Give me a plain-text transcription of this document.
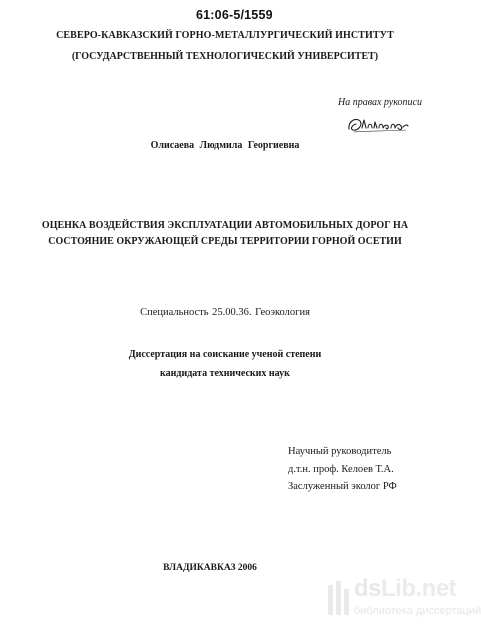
61:06-5/1559
СЕВЕРО-КАВКАЗСКИЙ ГОРНО-МЕТАЛЛУРГИЧЕСКИЙ ИНСТИТУТ
(ГОСУДАРСТВЕННЫЙ ТЕХНОЛОГИЧЕСКИЙ УНИВЕРСИТЕТ)
На правах рукописи
Олисаева Людмила Георгиевна
ОЦЕНКА ВОЗДЕЙСТВИЯ ЭКСПЛУАТАЦИИ АВТОМОБИЛЬНЫХ ДОРОГ НА
СОСТОЯНИЕ ОКРУЖАЮЩЕЙ СРЕДЫ ТЕРРИТОРИИ ГОРНОЙ ОСЕТИИ
Специальность 25.00.36. Геоэкология
Диссертация на соискание ученой степени
кандидата технических наук
Научный руководитель
д.т.н. проф. Келоев Т.А.
Заслуженный эколог РФ
ВЛАДИКАВКАЗ 2006
dsLib.net
библиотека диссертаций
